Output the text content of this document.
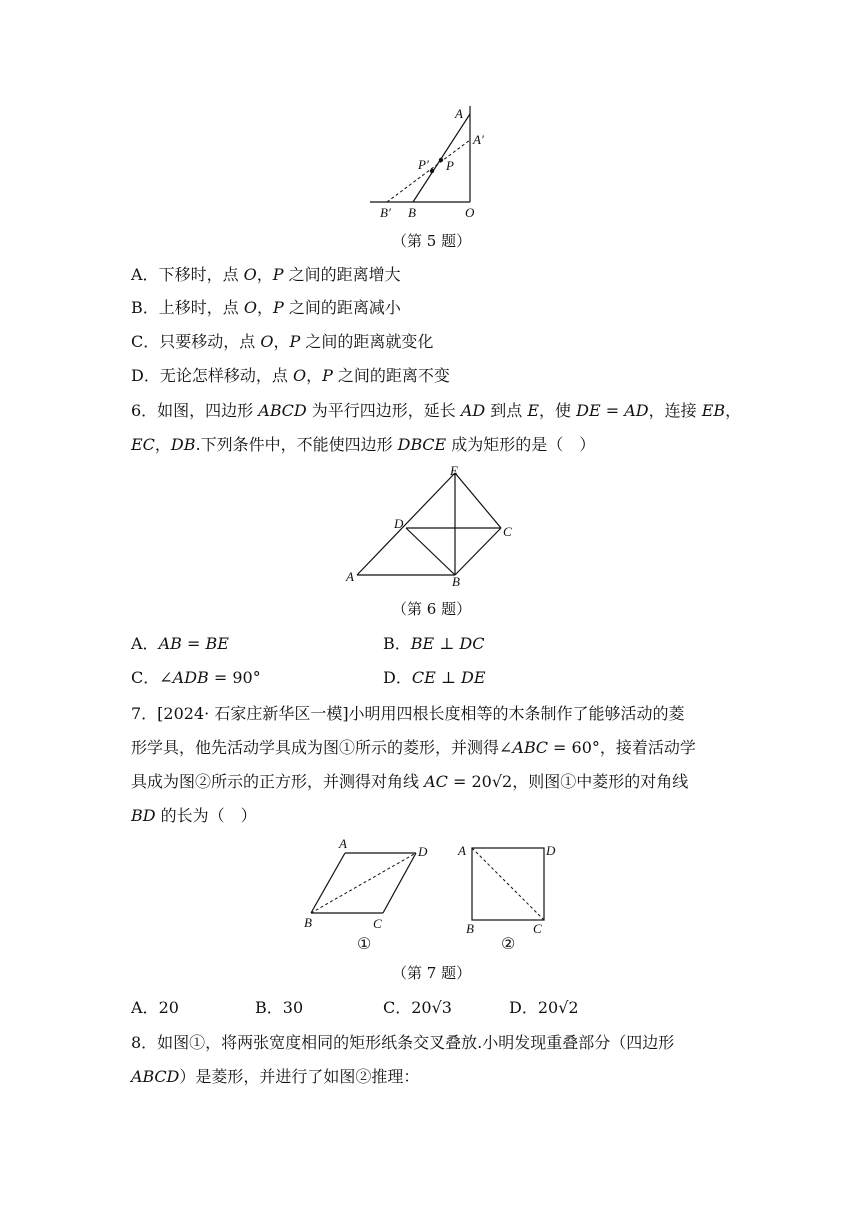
A
A′
P′ P
B′ B	O
（第 5 题）
A．下移时，点 O，P 之间的距离增大
B．上移时，点 O，P 之间的距离减小
C．只要移动，点 O，P 之间的距离就变化
D．无论怎样移动，点 O，P 之间的距离不变
6．如图，四边形 𝐴𝐵𝐶𝐷 为平行四边形，延长 𝐴𝐷 到点 𝐸，使 𝐷𝐸 = 𝐴𝐷，连接 𝐸𝐵，
𝐸𝐶，𝐷𝐵.下列条件中，不能使四边形 𝐷𝐵𝐶𝐸 成为矩形的是（　）
E
D
C
A	B
（第 6 题）
A．𝐴𝐵 = 𝐵𝐸	B．𝐵𝐸 ⊥ 𝐷𝐶
C．∠𝐴𝐷𝐵 = 90°	D．𝐶𝐸 ⊥ 𝐷𝐸
7．[2024· 石家庄新华区一模]小明用四根长度相等的木条制作了能够活动的菱
形学具，他先活动学具成为图①所示的菱形，并测得∠𝐴𝐵𝐶 = 60°，接着活动学
具成为图②所示的正方形，并测得对角线 𝐴𝐶 = 20√2，则图①中菱形的对角线
𝐵𝐷 的长为（　）
A
D
B	C
A	D
B	C
①	②
（第 7 题）
A．20	B．30	C．20√3	D．20√2
8．如图①，将两张宽度相同的矩形纸条交叉叠放.小明发现重叠部分（四边形
𝐴𝐵𝐶𝐷）是菱形，并进行了如图②推理：
